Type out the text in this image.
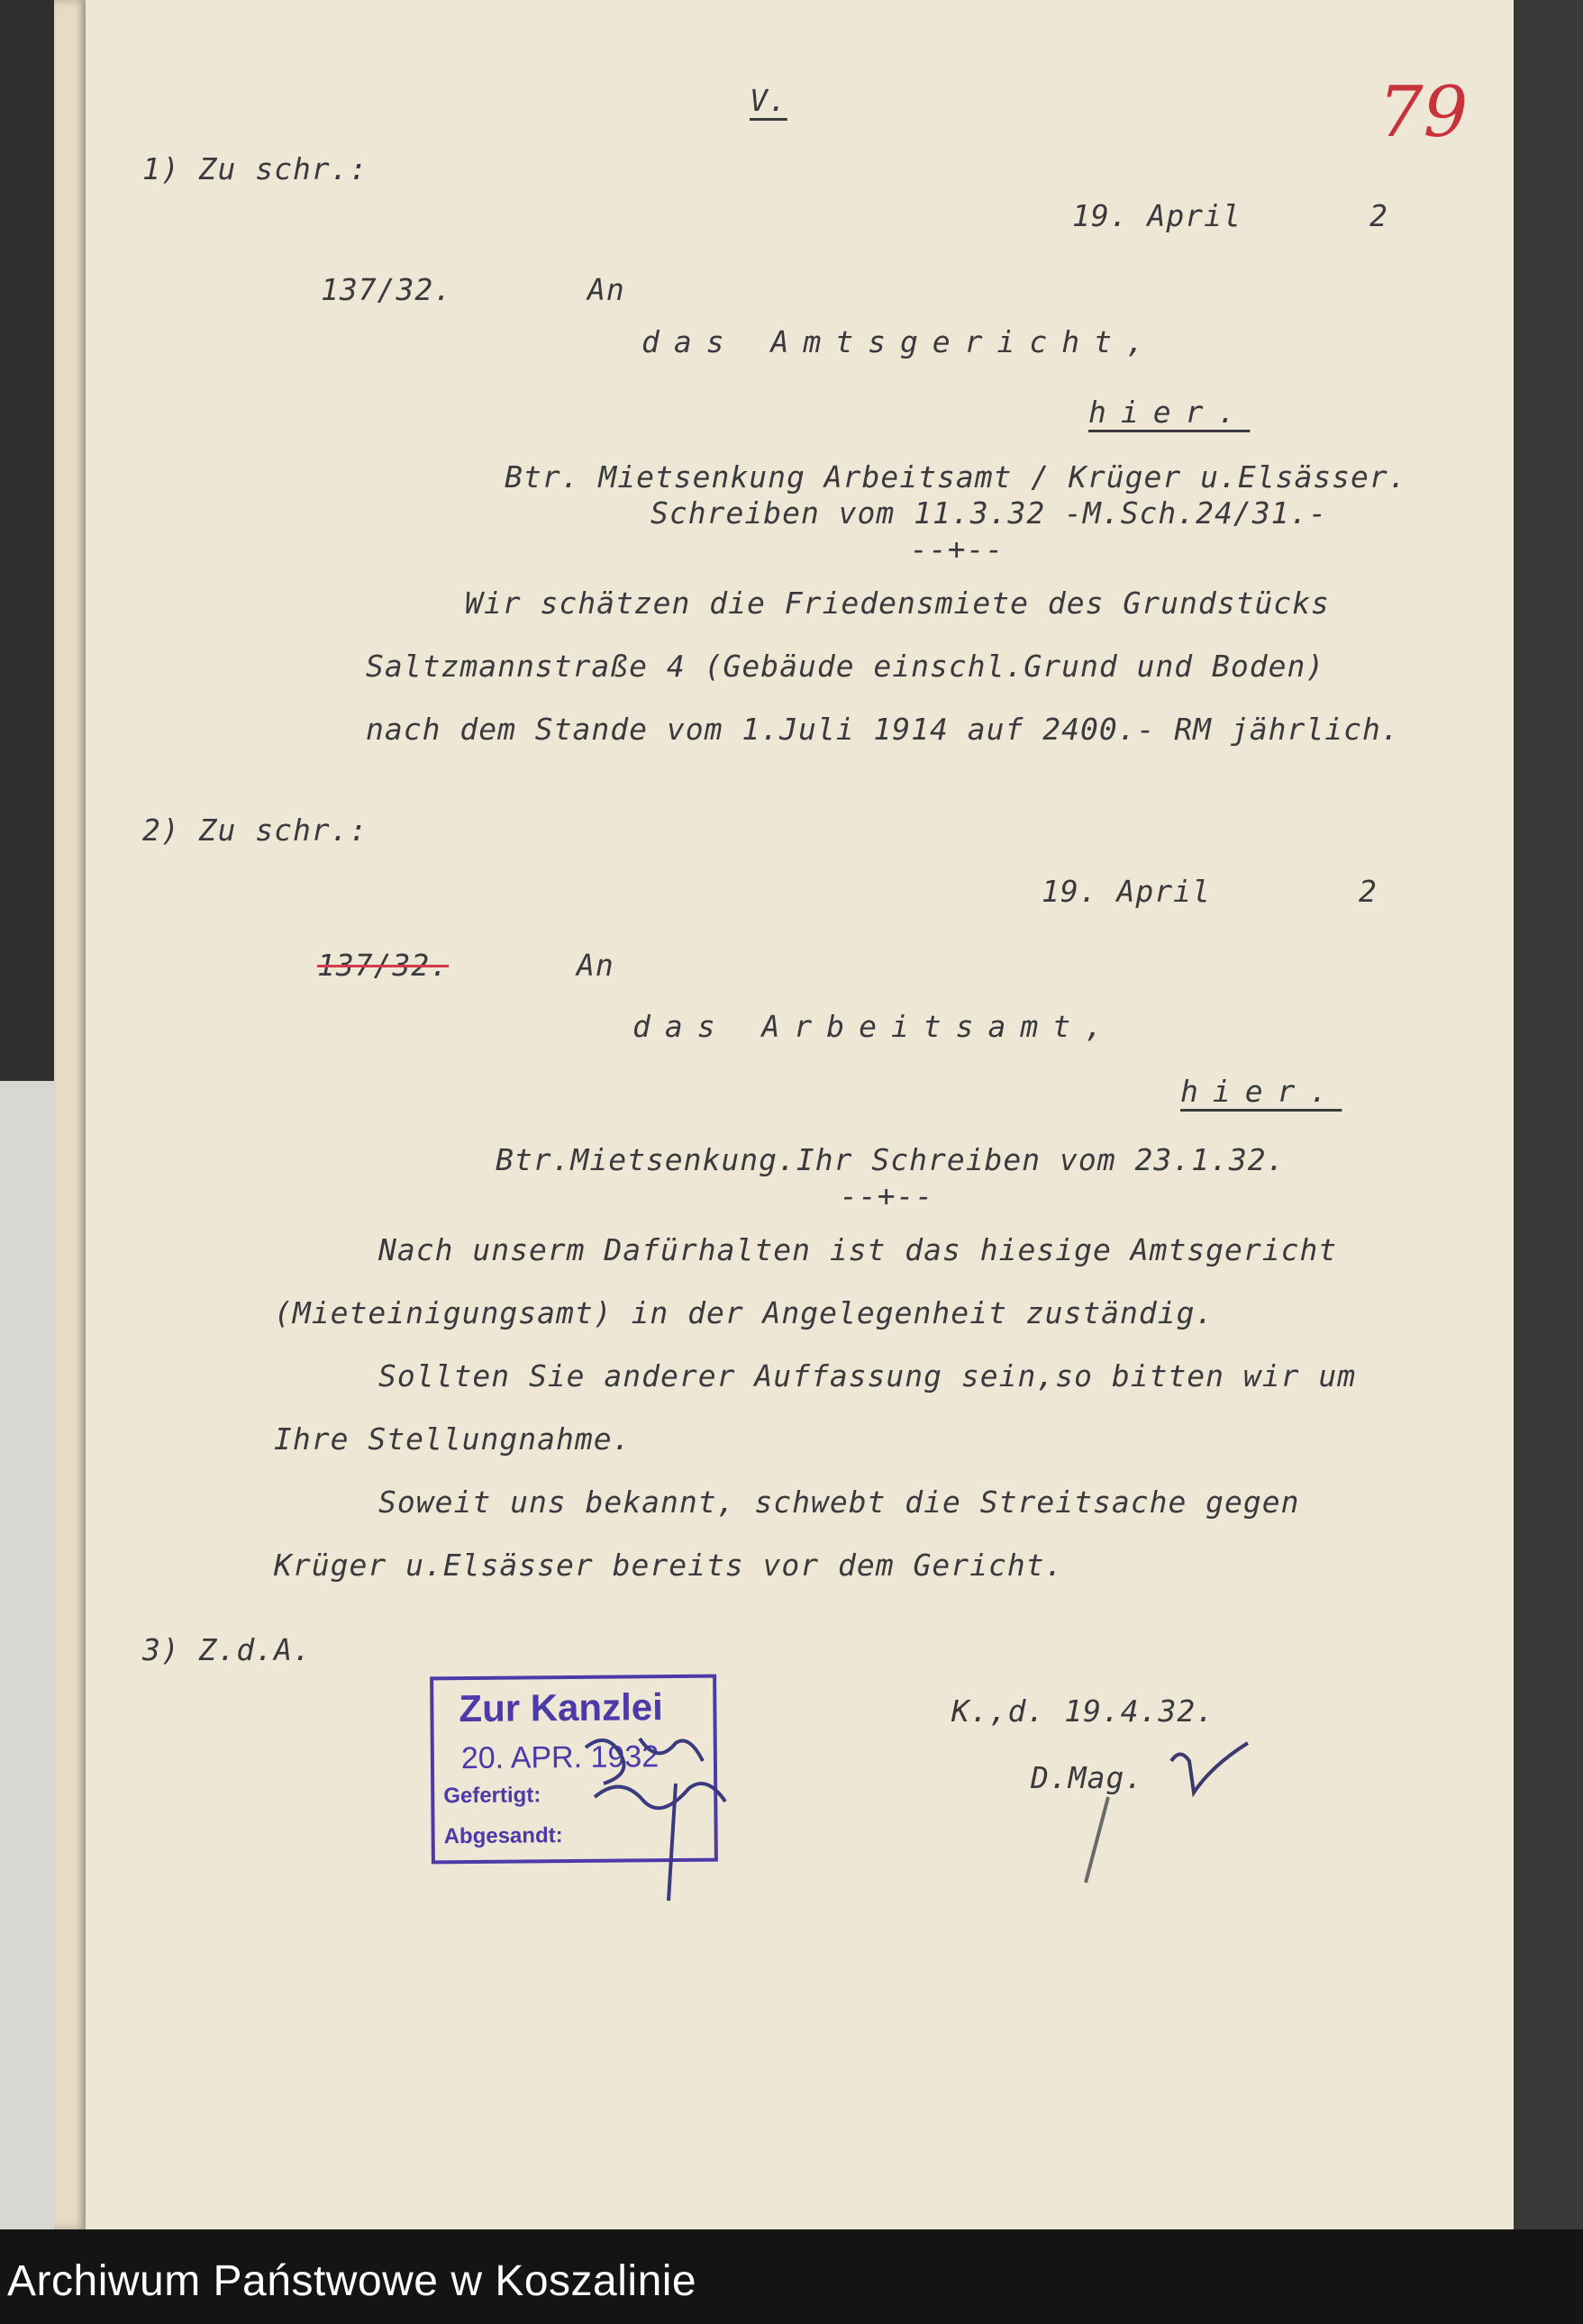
V.	79
1) Zu schr.:
19. April	2
137/32.	An
das Amtsgericht,
hier.
Btr. Mietsenkung Arbeitsamt / Krüger u.Elsässer.
Schreiben vom 11.3.32 -M.Sch.24/31.-
--+--
Wir schätzen die Friedensmiete des Grundstücks
Saltzmannstraße 4 (Gebäude einschl.Grund und Boden)
nach dem Stande vom 1.Juli 1914 auf 2400.- RM jährlich.
2) Zu schr.:
19. April	2
137/32.	An
das Arbeitsamt,
hier.
Btr.Mietsenkung.Ihr Schreiben vom 23.1.32.
--+--
Nach unserm Dafürhalten ist das hiesige Amtsgericht
(Mieteinigungsamt) in der Angelegenheit zuständig.
Sollten Sie anderer Auffassung sein,so bitten wir um
Ihre Stellungnahme.
Soweit uns bekannt, schwebt die Streitsache gegen
Krüger u.Elsässer bereits vor dem Gericht.
3) Z.d.A.
Zur Kanzlei
20. APR. 1932
Gefertigt:
Abgesandt:
K.,d. 19.4.32.
D.Mag.
Archiwum Państwowe w Koszalinie
